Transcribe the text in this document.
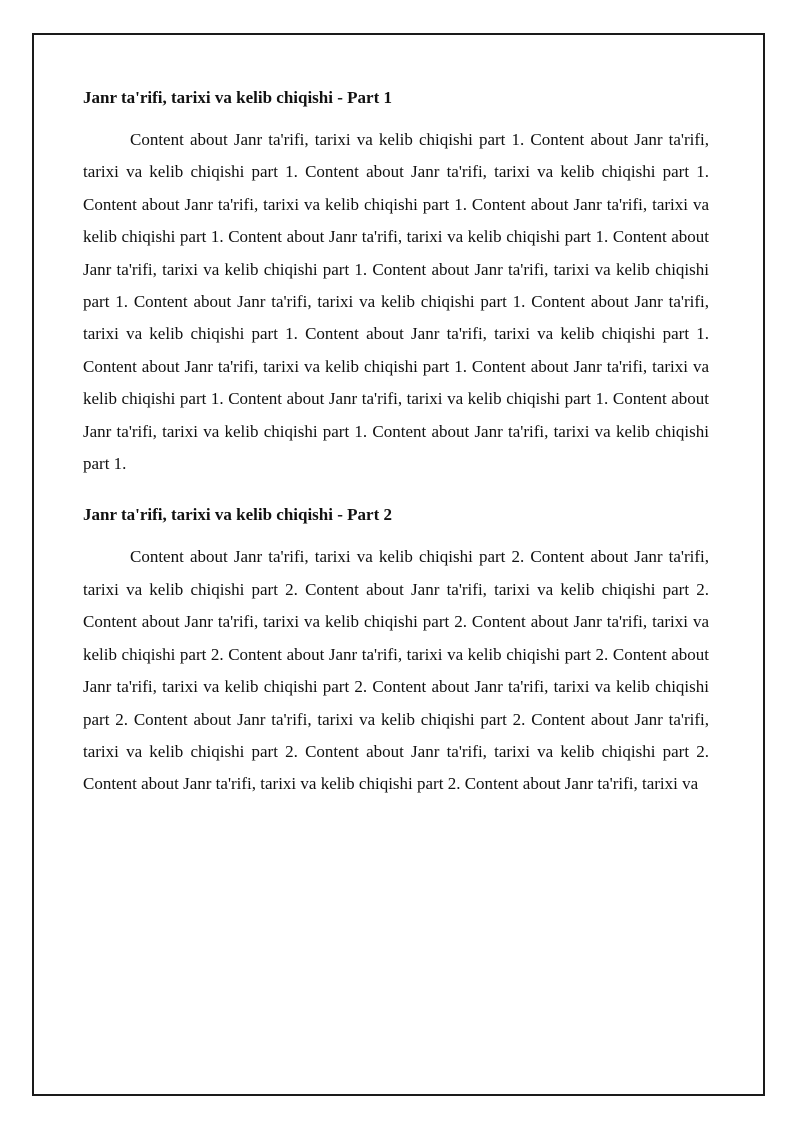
Janr ta'rifi, tarixi va kelib chiqishi - Part 1

Content about Janr ta'rifi, tarixi va kelib chiqishi part 1. Content about Janr ta'rifi, tarixi va kelib chiqishi part 1. Content about Janr ta'rifi, tarixi va kelib chiqishi part 1. Content about Janr ta'rifi, tarixi va kelib chiqishi part 1. Content about Janr ta'rifi, tarixi va kelib chiqishi part 1. Content about Janr ta'rifi, tarixi va kelib chiqishi part 1. Content about Janr ta'rifi, tarixi va kelib chiqishi part 1. Content about Janr ta'rifi, tarixi va kelib chiqishi part 1. Content about Janr ta'rifi, tarixi va kelib chiqishi part 1. Content about Janr ta'rifi, tarixi va kelib chiqishi part 1. Content about Janr ta'rifi, tarixi va kelib chiqishi part 1. Content about Janr ta'rifi, tarixi va kelib chiqishi part 1. Content about Janr ta'rifi, tarixi va kelib chiqishi part 1. Content about Janr ta'rifi, tarixi va kelib chiqishi part 1. Content about Janr ta'rifi, tarixi va kelib chiqishi part 1. Content about Janr ta'rifi, tarixi va kelib chiqishi part 1.

Janr ta'rifi, tarixi va kelib chiqishi - Part 2

Content about Janr ta'rifi, tarixi va kelib chiqishi part 2. Content about Janr ta'rifi, tarixi va kelib chiqishi part 2. Content about Janr ta'rifi, tarixi va kelib chiqishi part 2. Content about Janr ta'rifi, tarixi va kelib chiqishi part 2. Content about Janr ta'rifi, tarixi va kelib chiqishi part 2. Content about Janr ta'rifi, tarixi va kelib chiqishi part 2. Content about Janr ta'rifi, tarixi va kelib chiqishi part 2. Content about Janr ta'rifi, tarixi va kelib chiqishi part 2. Content about Janr ta'rifi, tarixi va kelib chiqishi part 2. Content about Janr ta'rifi, tarixi va kelib chiqishi part 2. Content about Janr ta'rifi, tarixi va kelib chiqishi part 2. Content about Janr ta'rifi, tarixi va kelib chiqishi part 2. Content about Janr ta'rifi, tarixi va
